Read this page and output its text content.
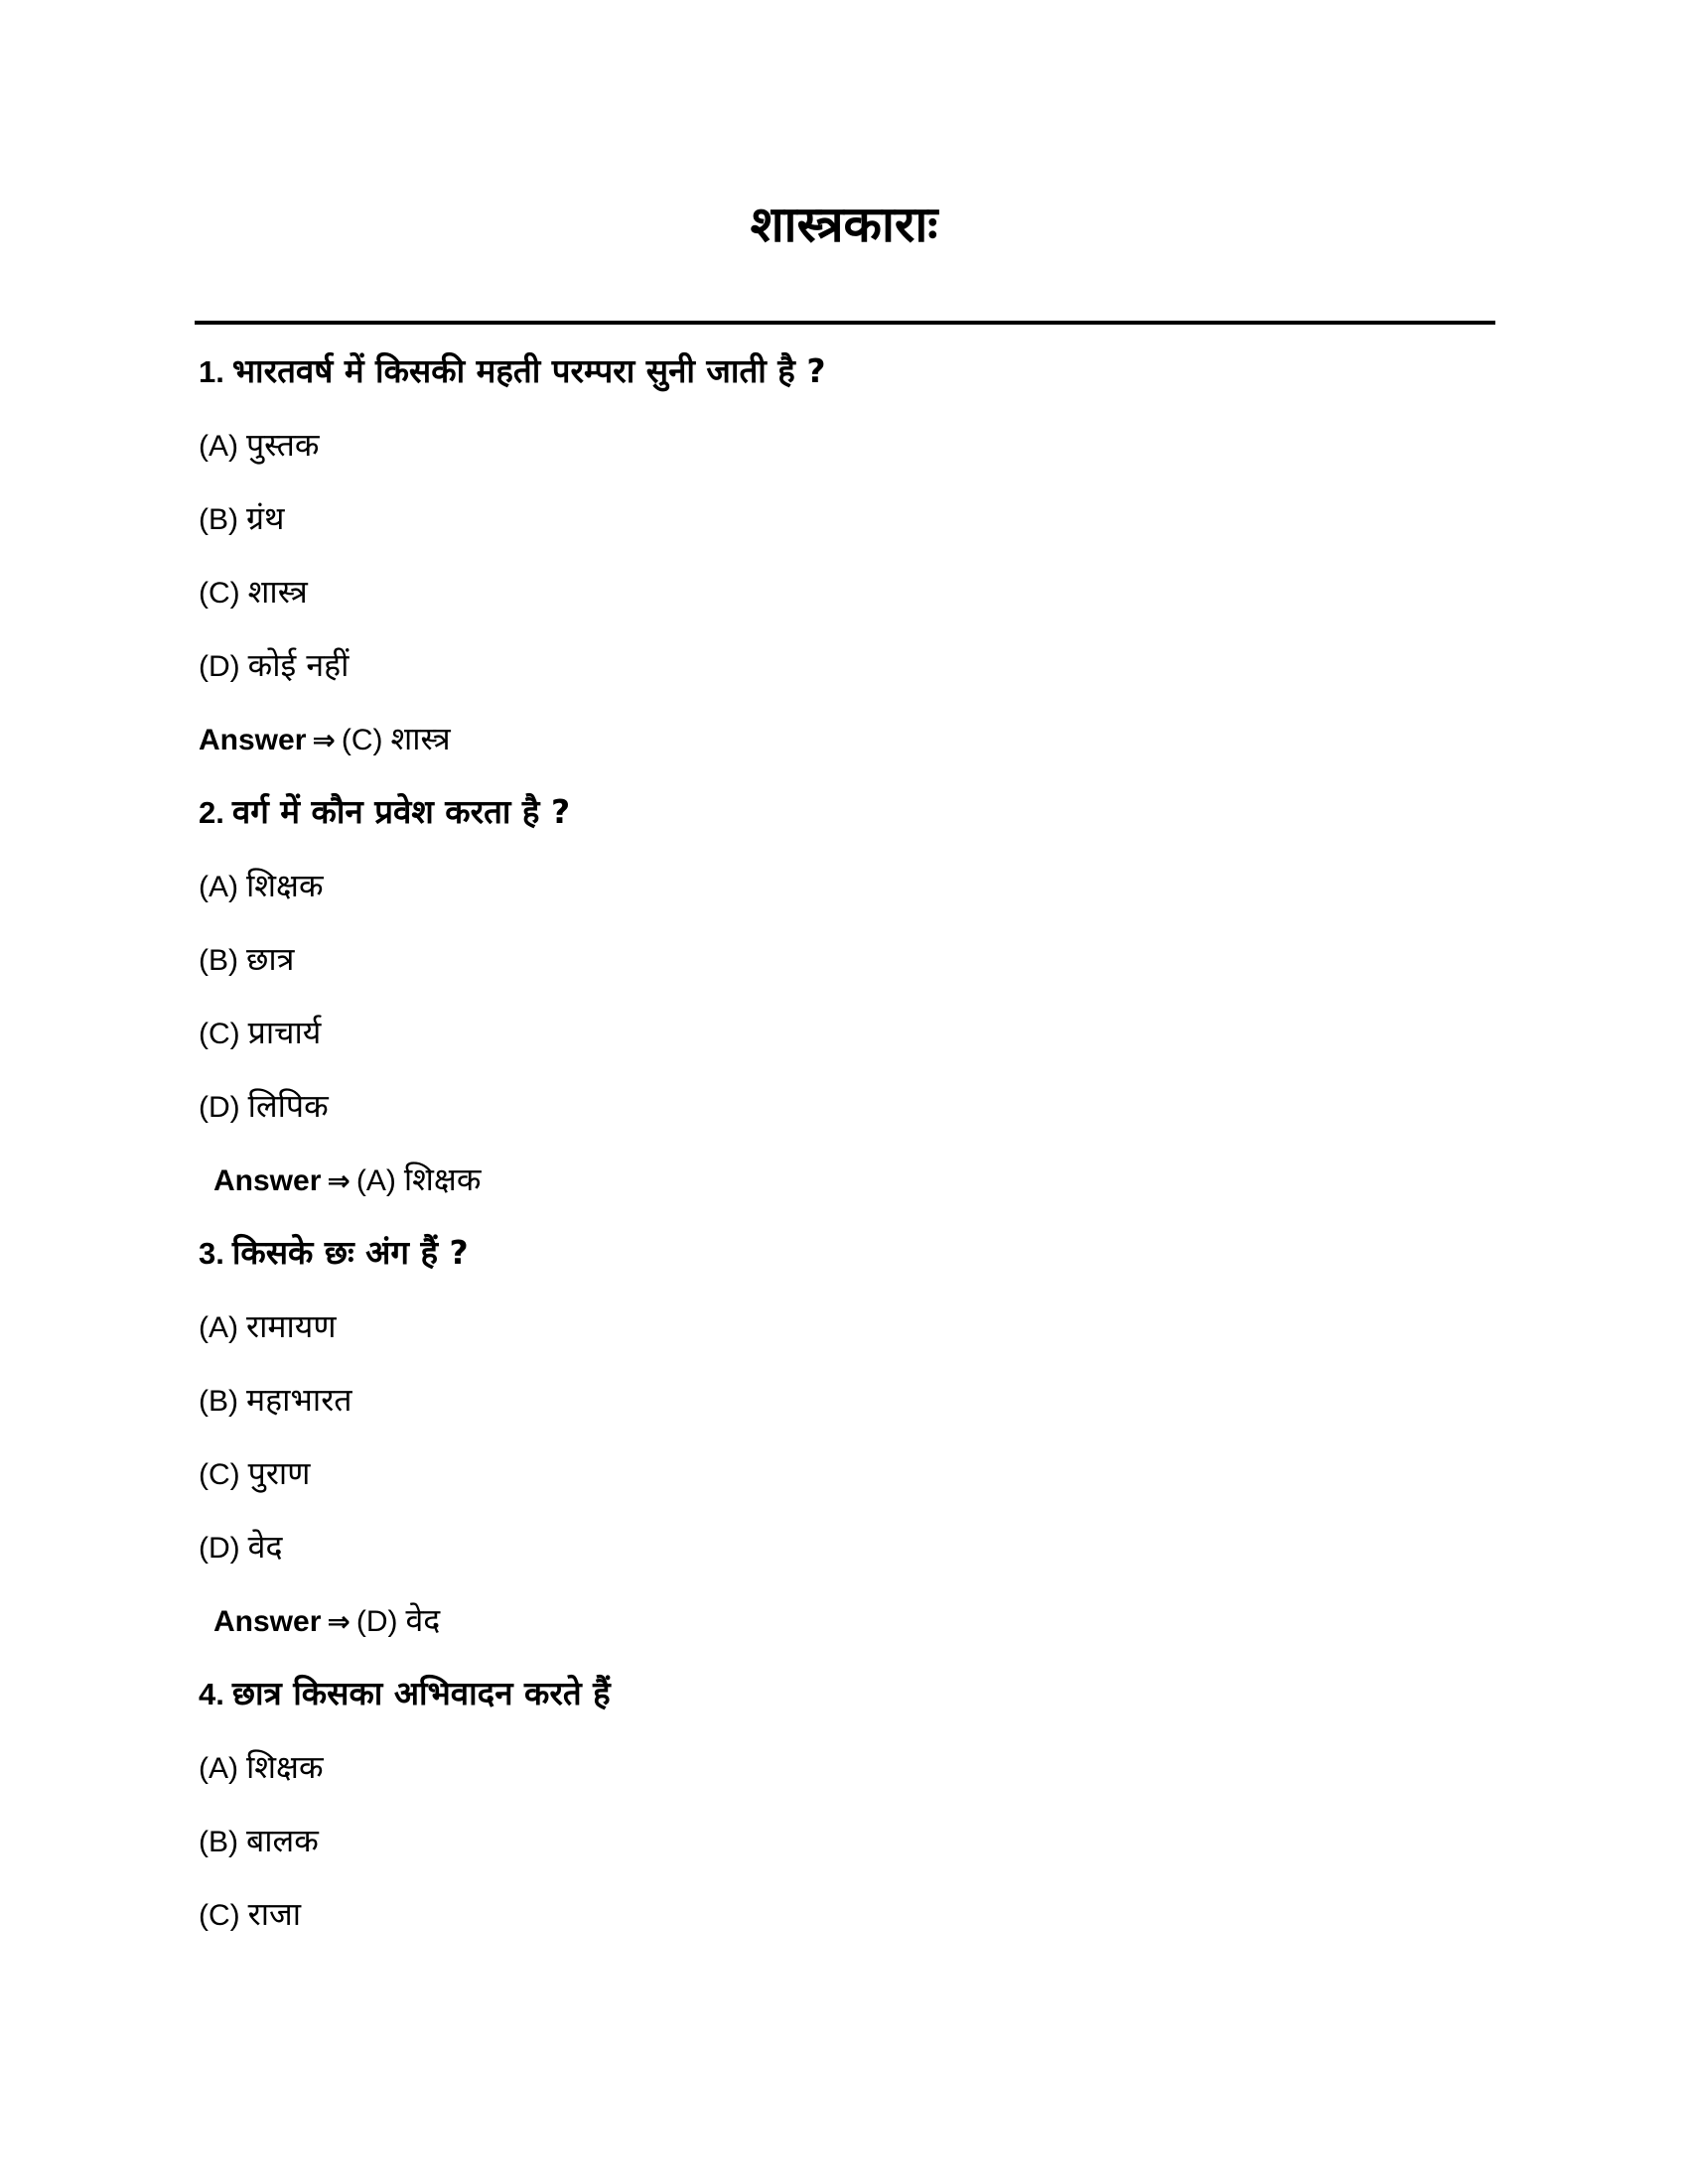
शास्त्रकाराः
1. भारतवर्ष में किसकी महती परम्परा सुनी जाती है ?
(A) पुस्तक
(B) ग्रंथ
(C) शास्त्र
(D) कोई नहीं
Answer ⇒ (C) शास्त्र
2. वर्ग में कौन प्रवेश करता है ?
(A) शिक्षक
(B) छात्र
(C) प्राचार्य
(D) लिपिक
Answer ⇒ (A) शिक्षक
3. किसके छः अंग हैं ?
(A) रामायण
(B) महाभारत
(C) पुराण
(D) वेद
Answer ⇒ (D) वेद
4. छात्र किसका अभिवादन करते हैं
(A) शिक्षक
(B) बालक
(C) राजा
